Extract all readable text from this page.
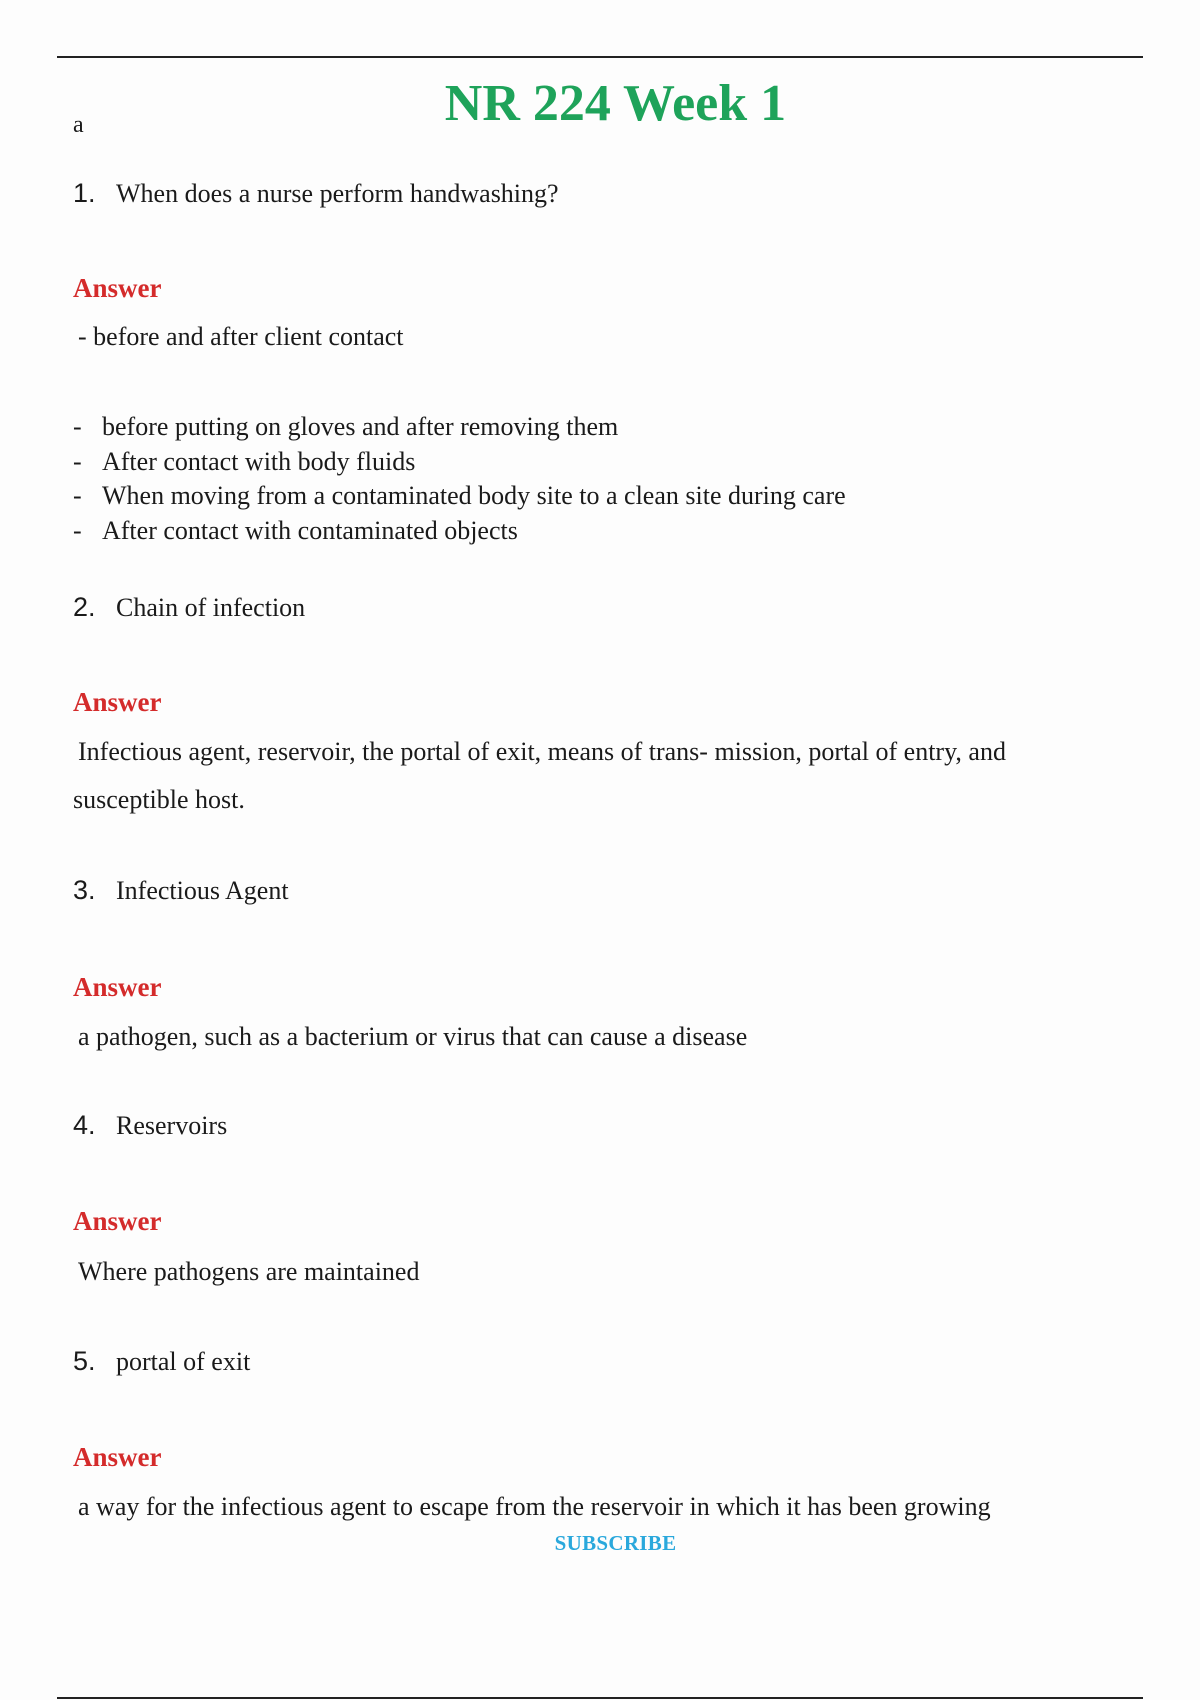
NR 224 Week 1
a
1. When does a nurse perform handwashing?
Answer
- before and after client contact
- before putting on gloves and after removing them
- After contact with body fluids
- When moving from a contaminated body site to a clean site during care
- After contact with contaminated objects
2. Chain of infection
Answer
Infectious agent, reservoir, the portal of exit, means of trans- mission, portal of entry, and
susceptible host.
3. Infectious Agent
Answer
a pathogen, such as a bacterium or virus that can cause a disease
4. Reservoirs
Answer
Where pathogens are maintained
5. portal of exit
Answer
a way for the infectious agent to escape from the reservoir in which it has been growing
SUBSCRIBE
